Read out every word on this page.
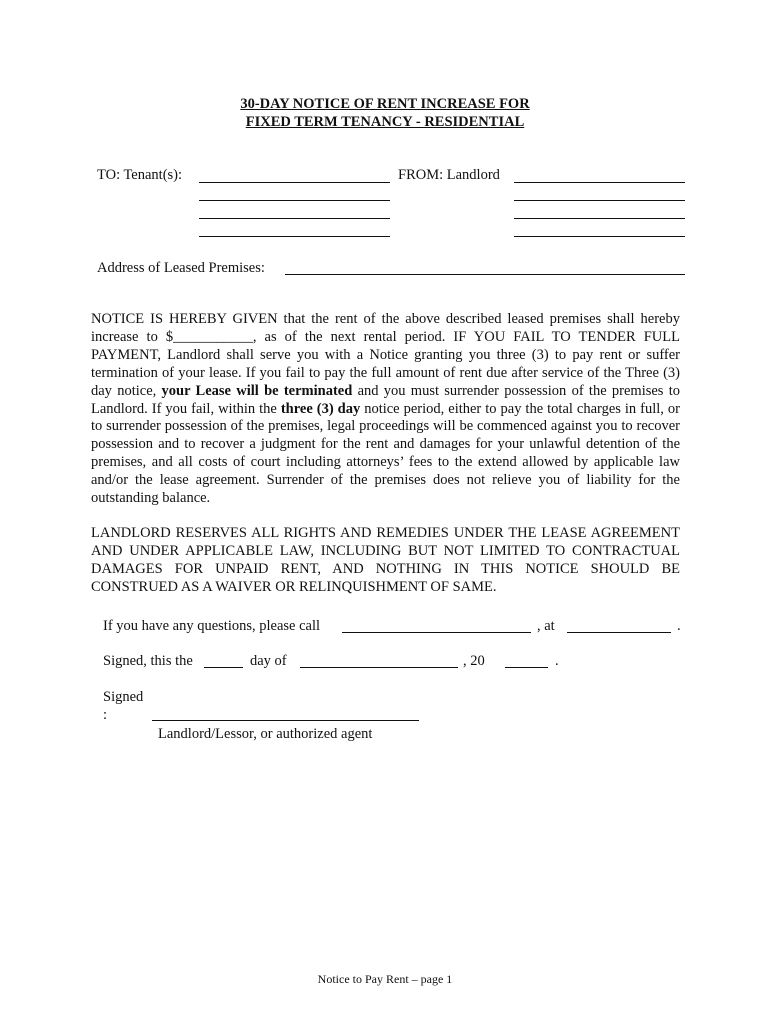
30-DAY NOTICE OF RENT INCREASE FOR
FIXED TERM TENANCY - RESIDENTIAL
TO: Tenant(s):	FROM: Landlord
Address of Leased Premises:

NOTICE IS HEREBY GIVEN that the rent of the above described leased premises shall hereby increase to $___________, as of the next rental period. IF YOU FAIL TO TENDER FULL PAYMENT, Landlord shall serve you with a Notice granting you three (3) to pay rent or suffer termination of your lease. If you fail to pay the full amount of rent due after service of the Three (3) day notice, your Lease will be terminated and you must surrender possession of the premises to Landlord. If you fail, within the three (3) day notice period, either to pay the total charges in full, or to surrender possession of the premises, legal proceedings will be commenced against you to recover possession and to recover a judgment for the rent and damages for your unlawful detention of the premises, and all costs of court including attorneys’ fees to the extend allowed by applicable law and/or the lease agreement. Surrender of the premises does not relieve you of liability for the outstanding balance.

LANDLORD RESERVES ALL RIGHTS AND REMEDIES UNDER THE LEASE AGREEMENT AND UNDER APPLICABLE LAW, INCLUDING BUT NOT LIMITED TO CONTRACTUAL DAMAGES FOR UNPAID RENT, AND NOTHING IN THIS NOTICE SHOULD BE CONSTRUED AS A WAIVER OR RELINQUISHMENT OF SAME.

If you have any questions, please call	, at	.
Signed, this the	day of	, 20	.
Signed
:
Landlord/Lessor, or authorized agent
Notice to Pay Rent – page 1
